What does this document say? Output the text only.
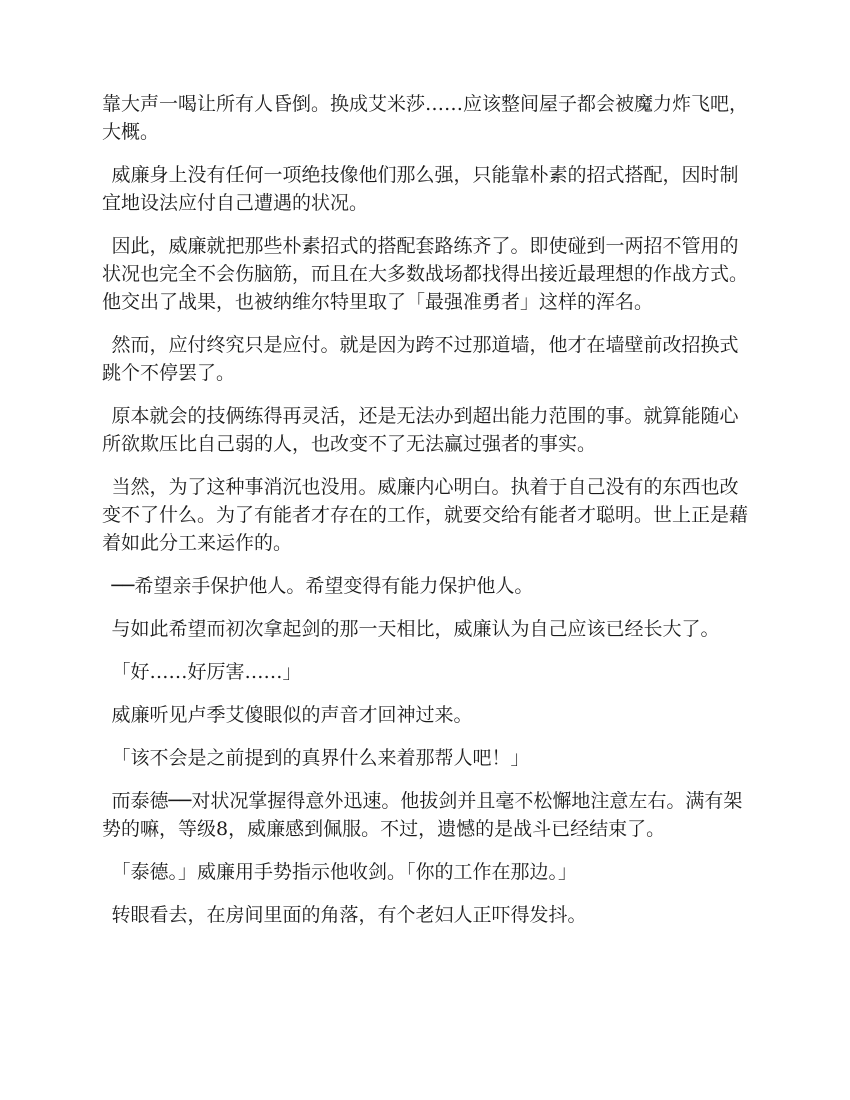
靠大声一喝让所有人昏倒。换成艾米莎……应该整间屋子都会被魔力炸飞吧，大概。

威廉身上没有任何一项绝技像他们那么强，只能靠朴素的招式搭配，因时制宜地设法应付自己遭遇的状况。

因此，威廉就把那些朴素招式的搭配套路练齐了。即使碰到一两招不管用的状况也完全不会伤脑筋，而且在大多数战场都找得出接近最理想的作战方式。他交出了战果，也被纳维尔特里取了「最强准勇者」这样的浑名。

然而，应付终究只是应付。就是因为跨不过那道墙，他才在墙壁前改招换式跳个不停罢了。

原本就会的技俩练得再灵活，还是无法办到超出能力范围的事。就算能随心所欲欺压比自己弱的人，也改变不了无法赢过强者的事实。

当然，为了这种事消沉也没用。威廉内心明白。执着于自己没有的东西也改变不了什么。为了有能者才存在的工作，就要交给有能者才聪明。世上正是藉着如此分工来运作的。

──希望亲手保护他人。希望变得有能力保护他人。

与如此希望而初次拿起剑的那一天相比，威廉认为自己应该已经长大了。

「好……好厉害……」

威廉听见卢季艾傻眼似的声音才回神过来。

「该不会是之前提到的真界什么来着那帮人吧！」

而泰德──对状况掌握得意外迅速。他拔剑并且毫不松懈地注意左右。满有架势的嘛，等级8，威廉感到佩服。不过，遗憾的是战斗已经结束了。

「泰德。」威廉用手势指示他收剑。「你的工作在那边。」

转眼看去，在房间里面的角落，有个老妇人正吓得发抖。
